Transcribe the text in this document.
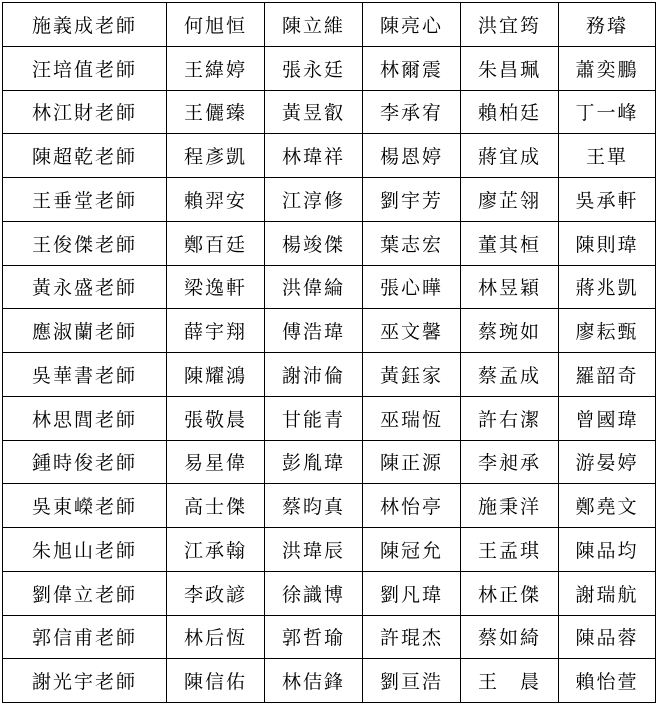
施義成老師	何旭恒	陳立維	陳亮心	洪宜筠	務璿
汪培值老師	王緯婷	張永廷	林爾震	朱昌珮	蕭奕鵬
林江財老師	王儷臻	黃昱叡	李承宥	賴柏廷	丁一峰
陳超乾老師	程彥凱	林瑋祥	楊恩婷	蔣宜成	王單
王垂堂老師	賴羿安	江淳修	劉宇芳	廖芷翎	吳承軒
王俊傑老師	鄭百廷	楊竣傑	葉志宏	董其桓	陳則瑋
黃永盛老師	梁逸軒	洪偉綸	張心曄	林昱穎	蔣兆凱
應淑蘭老師	薛宇翔	傅浩瑋	巫文馨	蔡琬如	廖耘甄
吳華書老師	陳耀鴻	謝沛倫	黃鈺家	蔡孟成	羅韶奇
林思閭老師	張敬晨	甘能青	巫瑞恆	許右潔	曾國瑋
鍾時俊老師	易星偉	彭胤瑋	陳正源	李昶承	游晏婷
吳東嶸老師	高士傑	蔡昀真	林怡亭	施秉洋	鄭堯文
朱旭山老師	江承翰	洪瑋辰	陳冠允	王孟琪	陳品均
劉偉立老師	李政諺	徐識博	劉凡瑋	林正傑	謝瑞航
郭信甫老師	林后恆	郭哲瑜	許琨杰	蔡如綺	陳品蓉
謝光宇老師	陳信佑	林佶鋒	劉亘浩	王　晨	賴怡萱
